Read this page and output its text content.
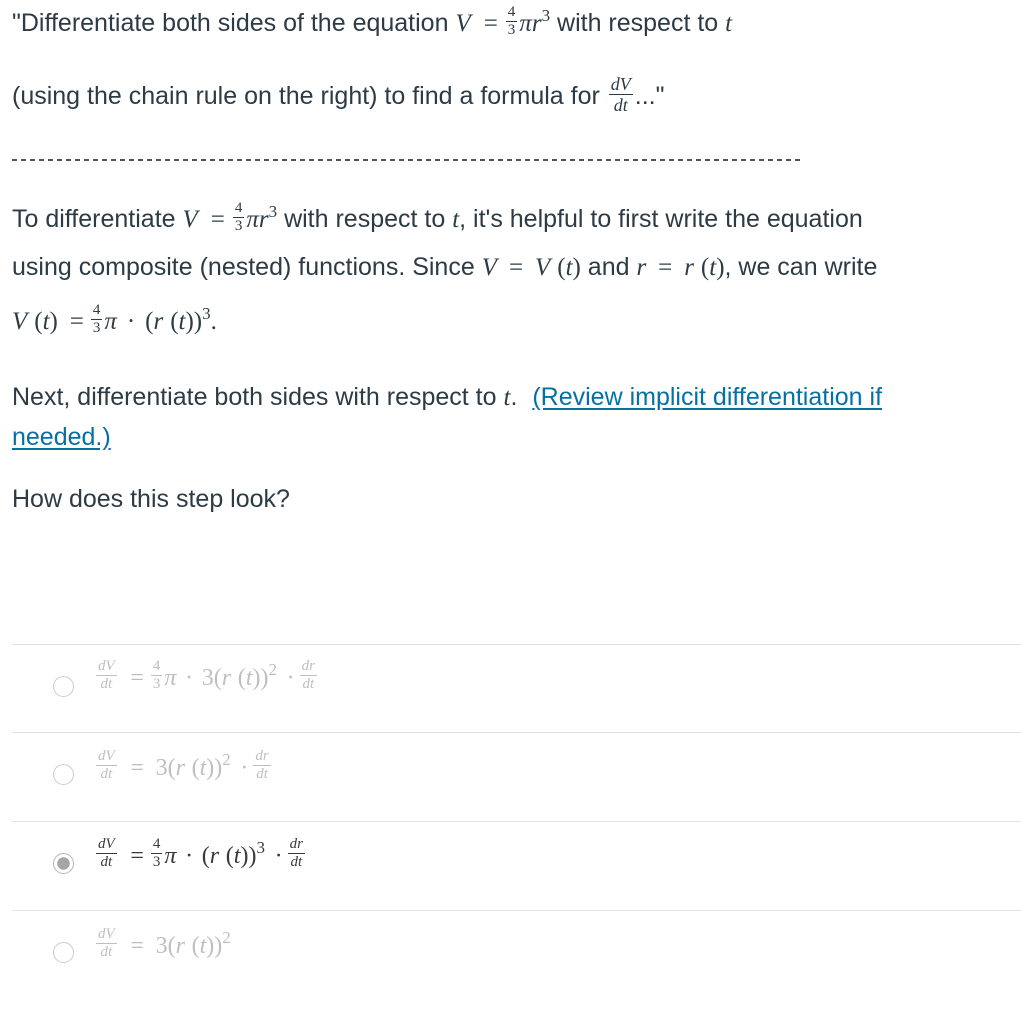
"Differentiate both sides of the equation $V = \frac{4}{3} \pi r^3$ with respect to t
(using the chain rule on the right) to find a formula for $\frac{dV}{dt}$ ..."
To differentiate $V = \frac{4}{3} \pi r^3$ with respect to t, it's helpful to first write the equation
using composite (nested) functions. Since V = V (t) and r = r (t), we can write
V $(t) = \frac{4}{3}$ π · (r (t))$^3$.
Next, differentiate both sides with respect to t. (Review implicit differentiation if
needed.)
How does this step look?
$\frac{dV}{dt} = \frac{4}{3}$ π · 3(r $(t))^2 \cdot \frac{dr}{dt}$
$\frac{dV}{dt} = 3(r$ $(t))^2 \cdot \frac{dr}{dt}$
$\frac{dV}{dt} = \frac{4}{3}$ π · (r $(t))^3 \cdot \frac{dr}{dt}$
$\frac{dV}{dt} = 3(r$ (t))$^2$
